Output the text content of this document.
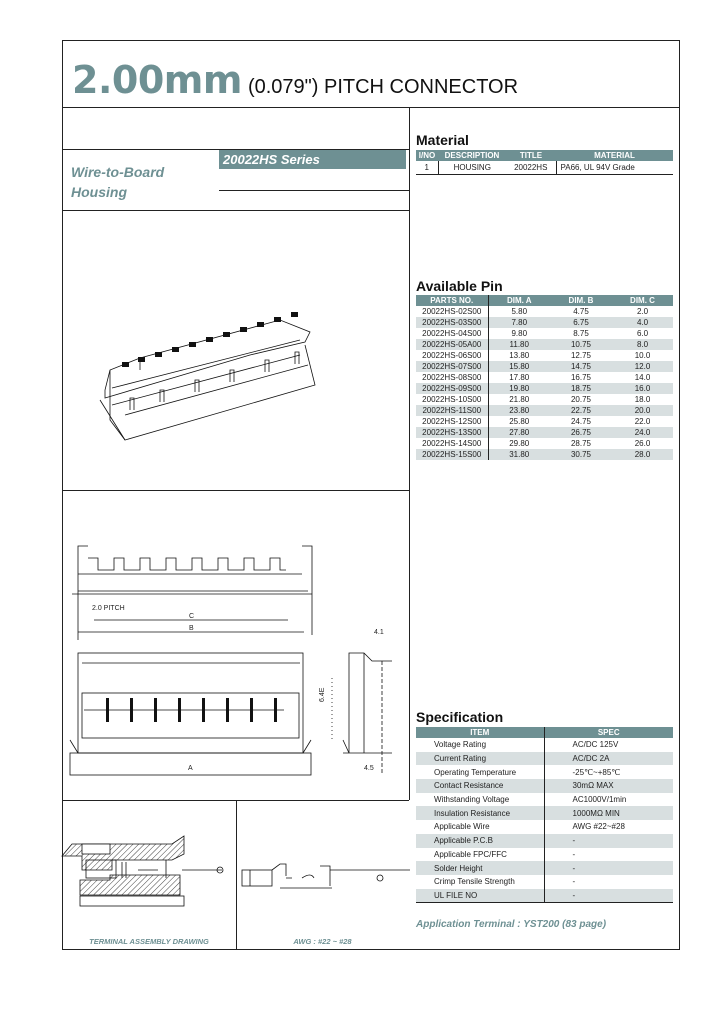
2.00mm (0.079") PITCH CONNECTOR
Wire-to-Board
Housing
20022HS Series
Material
I/NO	DESCRIPTION	TITLE	MATERIAL
1	HOUSING	20022HS	PA66, UL 94V Grade
Available Pin
PARTS NO.	DIM. A	DIM. B	DIM. C
20022HS-02S00	5.80	4.75	2.0
20022HS-03S00	7.80	6.75	4.0
20022HS-04S00	9.80	8.75	6.0
20022HS-05A00	11.80	10.75	8.0
20022HS-06S00	13.80	12.75	10.0
20022HS-07S00	15.80	14.75	12.0
20022HS-08S00	17.80	16.75	14.0
20022HS-09S00	19.80	18.75	16.0
20022HS-10S00	21.80	20.75	18.0
20022HS-11S00	23.80	22.75	20.0
20022HS-12S00	25.80	24.75	22.0
20022HS-13S00	27.80	26.75	24.0
20022HS-14S00	29.80	28.75	26.0
20022HS-15S00	31.80	30.75	28.0
Specification
ITEM	SPEC
Voltage Rating	AC/DC 125V
Current Rating	AC/DC 2A
Operating Temperature	-25℃~+85℃
Contact Resistance	30mΩ MAX
Withstanding Voltage	AC1000V/1min
Insulation Resistance	1000MΩ MIN
Applicable Wire	AWG #22~#28
Applicable P.C.B	-
Applicable FPC/FFC	-
Solder Height	-
Crimp Tensile Strength	-
UL FILE NO	-
Application Terminal : YST200 (83 page)
2.0 PITCH
C
B
A
4.1
4.5
6.4E
TERMINAL ASSEMBLY DRAWING	AWG : #22 ~ #28
